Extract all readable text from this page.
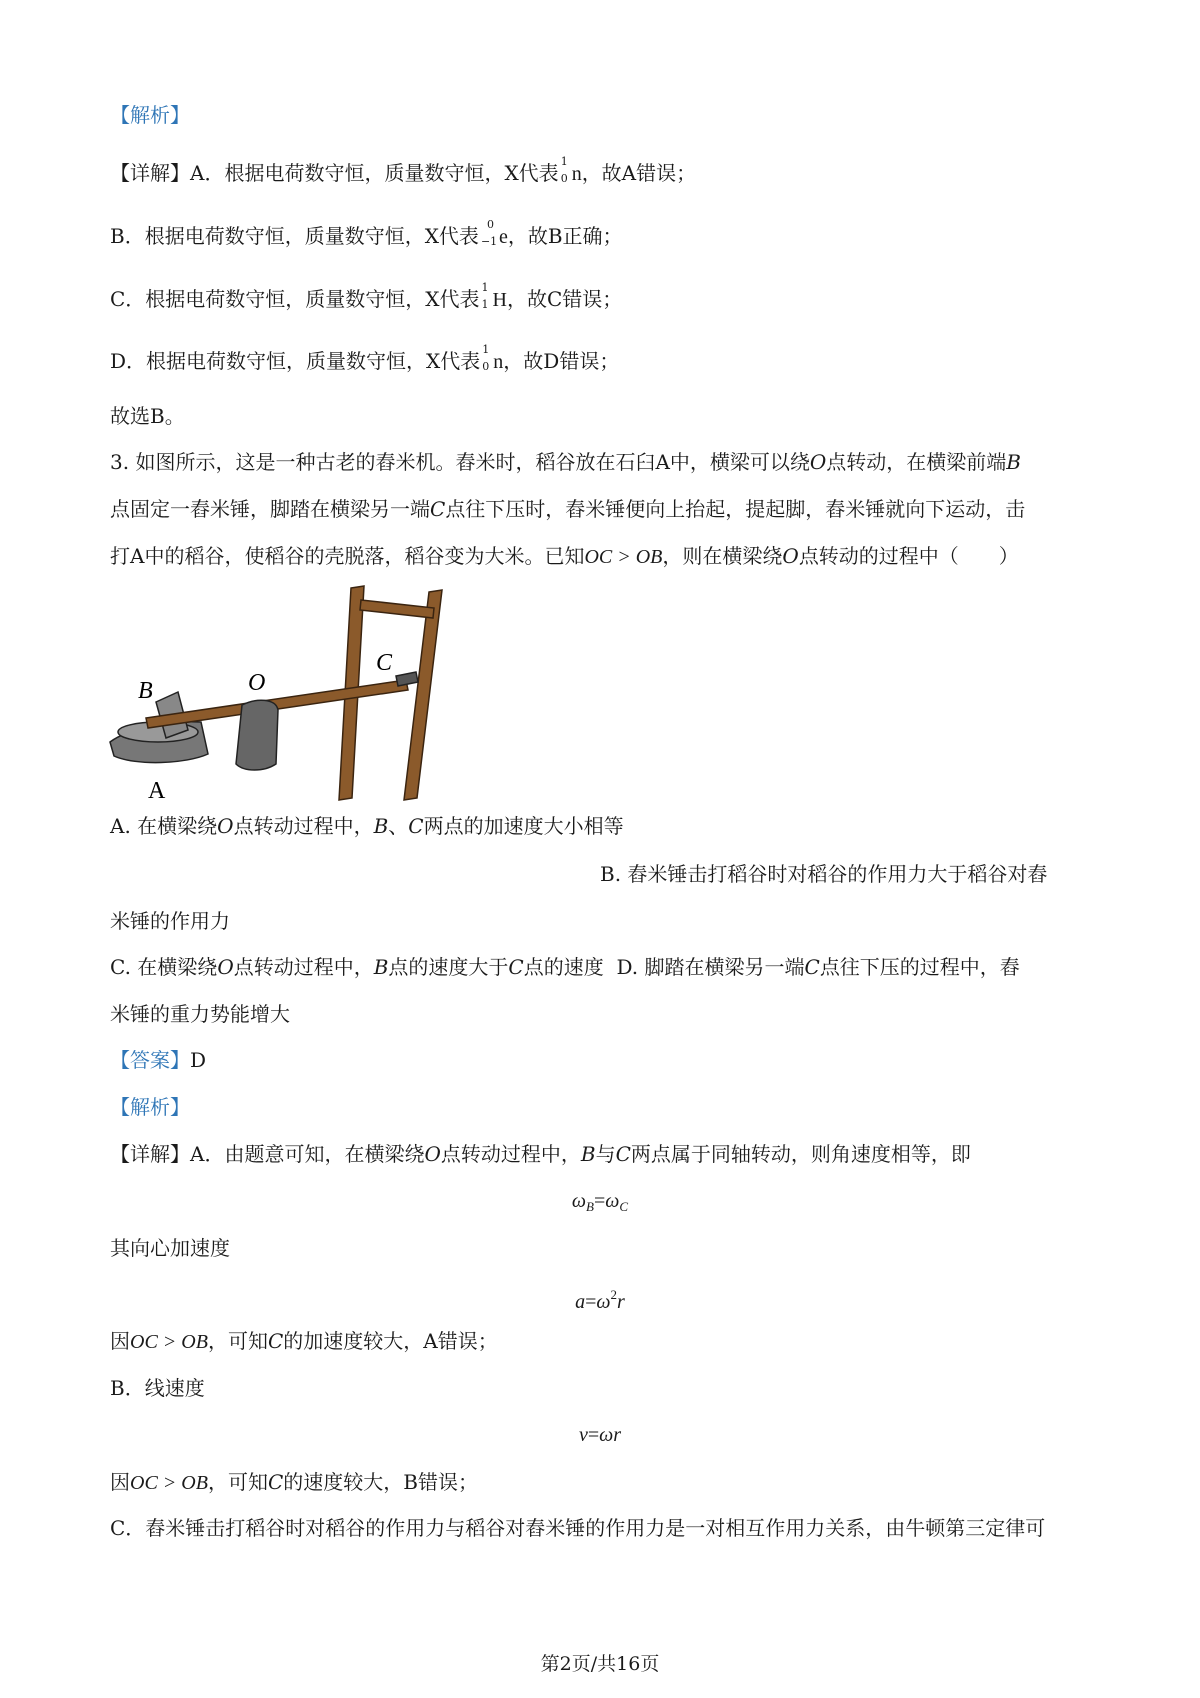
【解析】
【详解】A．根据电荷数守恒，质量数守恒，X代表 1
0 n，故A错误；
B．根据电荷数守恒，质量数守恒，X代表 0
−1 e，故B正确；
C．根据电荷数守恒，质量数守恒，X代表 1
1 H，故C错误；
D．根据电荷数守恒，质量数守恒，X代表 1
0 n，故D错误；
故选B。
3. 如图所示，这是一种古老的舂米机。舂米时，稻谷放在石臼A中，横梁可以绕O点转动，在横梁前端B
点固定一舂米锤，脚踏在横梁另一端C点往下压时，舂米锤便向上抬起，提起脚，舂米锤就向下运动，击
打A中的稻谷，使稻谷的壳脱落，稻谷变为大米。已知OC > OB，则在横梁绕O点转动的过程中（　　）
B	O
C
A
A. 在横梁绕O点转动过程中，B、C两点的加速度大小相等
B. 舂米锤击打稻谷时对稻谷的作用力大于稻谷对舂
米锤的作用力
C. 在横梁绕O点转动过程中，B点的速度大于C点的速度 D. 脚踏在横梁另一端C点往下压的过程中，舂
米锤的重力势能增大
【答案】D
【解析】
【详解】A．由题意可知，在横梁绕O点转动过程中，B与C两点属于同轴转动，则角速度相等，即
$\omega_B=\omega_C$
其向心加速度
$a=\omega^2r$
因OC > OB，可知C的加速度较大，A错误；
B．线速度
v=ωr
因OC > OB，可知C的速度较大，B错误；
C．舂米锤击打稻谷时对稻谷的作用力与稻谷对舂米锤的作用力是一对相互作用力关系，由牛顿第三定律可
第2页/共16页
